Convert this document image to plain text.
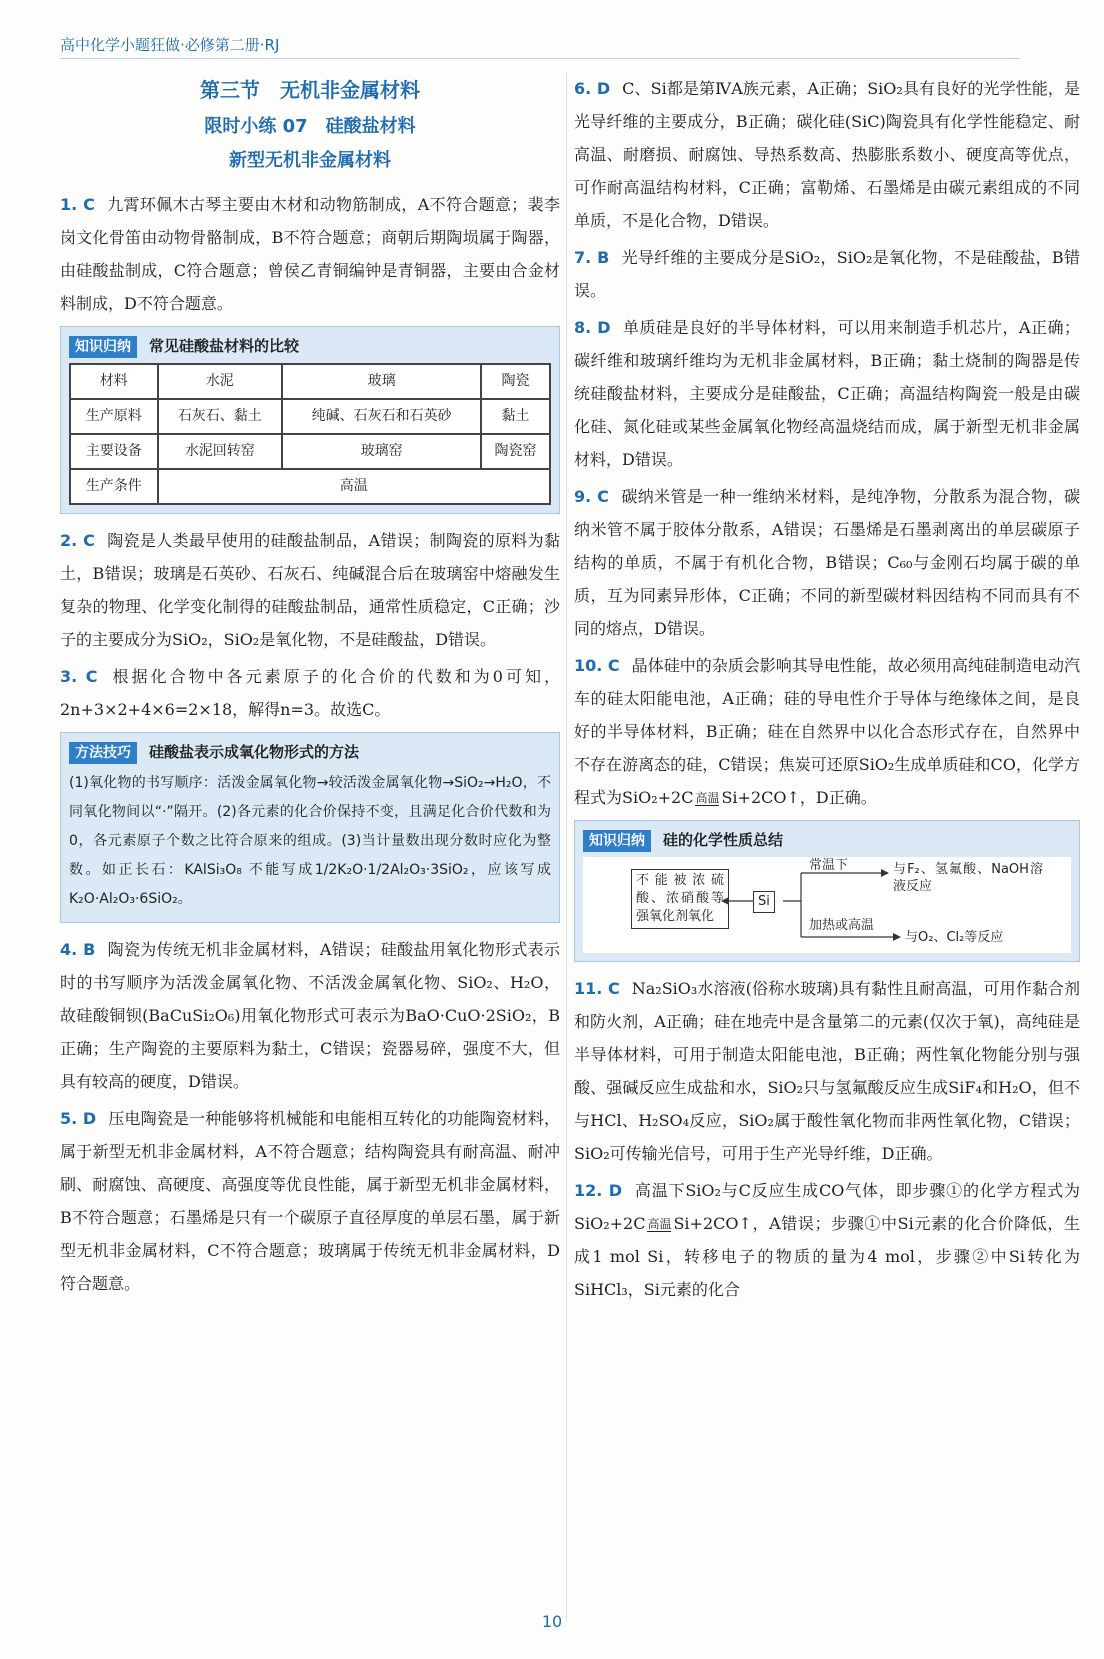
高中化学小题狂做·必修第二册·RJ
第三节　无机非金属材料
限时小练 07　硅酸盐材料
新型无机非金属材料

1. C 九霄环佩木古琴主要由木材和动物筋制成，A不符合题意；裴李岗文化骨笛由动物骨骼制成，B不符合题意；商朝后期陶埙属于陶器，由硅酸盐制成，C符合题意；曾侯乙青铜编钟是青铜器，主要由合金材料制成，D不符合题意。

知识归纳 常见硅酸盐材料的比较
材料	水泥	玻璃	陶瓷
生产原料	石灰石、黏土	纯碱、石灰石和石英砂	黏土
主要设备	水泥回转窑	玻璃窑	陶瓷窑
生产条件	高温		

2. C 陶瓷是人类最早使用的硅酸盐制品，A错误；制陶瓷的原料为黏土，B错误；玻璃是石英砂、石灰石、纯碱混合后在玻璃窑中熔融发生复杂的物理、化学变化制得的硅酸盐制品，通常性质稳定，C正确；沙子的主要成分为SiO₂，SiO₂是氧化物，不是硅酸盐，D错误。

3. C 根据化合物中各元素原子的化合价的代数和为0可知，2n+3×2+4×6=2×18，解得n=3。故选C。

方法技巧 硅酸盐表示成氧化物形式的方法
(1)氧化物的书写顺序：活泼金属氧化物→较活泼金属氧化物→SiO₂→H₂O，不同氧化物间以“·”隔开。(2)各元素的化合价保持不变，且满足化合价代数和为0，各元素原子个数之比符合原来的组成。(3)当计量数出现分数时应化为整数。如正长石：KAlSi₃O₈ 不能写成1/2K₂O·1/2Al₂O₃·3SiO₂，应该写成K₂O·Al₂O₃·6SiO₂。

4. B 陶瓷为传统无机非金属材料，A错误；硅酸盐用氧化物形式表示时的书写顺序为活泼金属氧化物、不活泼金属氧化物、SiO₂、H₂O，故硅酸铜钡(BaCuSi₂O₆)用氧化物形式可表示为BaO·CuO·2SiO₂，B正确；生产陶瓷的主要原料为黏土，C错误；瓷器易碎，强度不大，但具有较高的硬度，D错误。

5. D 压电陶瓷是一种能够将机械能和电能相互转化的功能陶瓷材料，属于新型无机非金属材料，A不符合题意；结构陶瓷具有耐高温、耐冲刷、耐腐蚀、高硬度、高强度等优良性能，属于新型无机非金属材料，B不符合题意；石墨烯是只有一个碳原子直径厚度的单层石墨，属于新型无机非金属材料，C不符合题意；玻璃属于传统无机非金属材料，D符合题意。

6. D C、Si都是第ⅣA族元素，A正确；SiO₂具有良好的光学性能，是光导纤维的主要成分，B正确；碳化硅(SiC)陶瓷具有化学性能稳定、耐高温、耐磨损、耐腐蚀、导热系数高、热膨胀系数小、硬度高等优点，可作耐高温结构材料，C正确；富勒烯、石墨烯是由碳元素组成的不同单质，不是化合物，D错误。

7. B 光导纤维的主要成分是SiO₂，SiO₂是氧化物，不是硅酸盐，B错误。

8. D 单质硅是良好的半导体材料，可以用来制造手机芯片，A正确；碳纤维和玻璃纤维均为无机非金属材料，B正确；黏土烧制的陶器是传统硅酸盐材料，主要成分是硅酸盐，C正确；高温结构陶瓷一般是由碳化硅、氮化硅或某些金属氧化物经高温烧结而成，属于新型无机非金属材料，D错误。

9. C 碳纳米管是一种一维纳米材料，是纯净物，分散系为混合物，碳纳米管不属于胶体分散系，A错误；石墨烯是石墨剥离出的单层碳原子结构的单质，不属于有机化合物，B错误；C₆₀与金刚石均属于碳的单质，互为同素异形体，C正确；不同的新型碳材料因结构不同而具有不同的熔点，D错误。

10. C 晶体硅中的杂质会影响其导电性能，故必须用高纯硅制造电动汽车的硅太阳能电池，A正确；硅的导电性介于导体与绝缘体之间，是良好的半导体材料，B正确；硅在自然界中以化合态形式存在，自然界中不存在游离态的硅，C错误；焦炭可还原SiO₂生成单质硅和CO，化学方程式为SiO₂+2C 高温 Si+2CO↑，D正确。

知识归纳 硅的化学性质总结
不能被浓硫酸、浓硝酸等强氧化剂氧化
Si
常温下	与F₂、氢氟酸、NaOH溶液反应
加热或高温
与O₂、Cl₂等反应

11. C Na₂SiO₃水溶液(俗称水玻璃)具有黏性且耐高温，可用作黏合剂和防火剂，A正确；硅在地壳中是含量第二的元素(仅次于氧)，高纯硅是半导体材料，可用于制造太阳能电池，B正确；两性氧化物能分别与强酸、强碱反应生成盐和水，SiO₂只与氢氟酸反应生成SiF₄和H₂O，但不与HCl、H₂SO₄反应，SiO₂属于酸性氧化物而非两性氧化物，C错误；SiO₂可传输光信号，可用于生产光导纤维，D正确。

12. D 高温下SiO₂与C反应生成CO气体，即步骤①的化学方程式为SiO₂+2C 高温 Si+2CO↑，A错误；步骤①中Si元素的化合价降低，生成1 mol Si，转移电子的物质的量为4 mol，步骤②中Si转化为SiHCl₃，Si元素的化合

10
